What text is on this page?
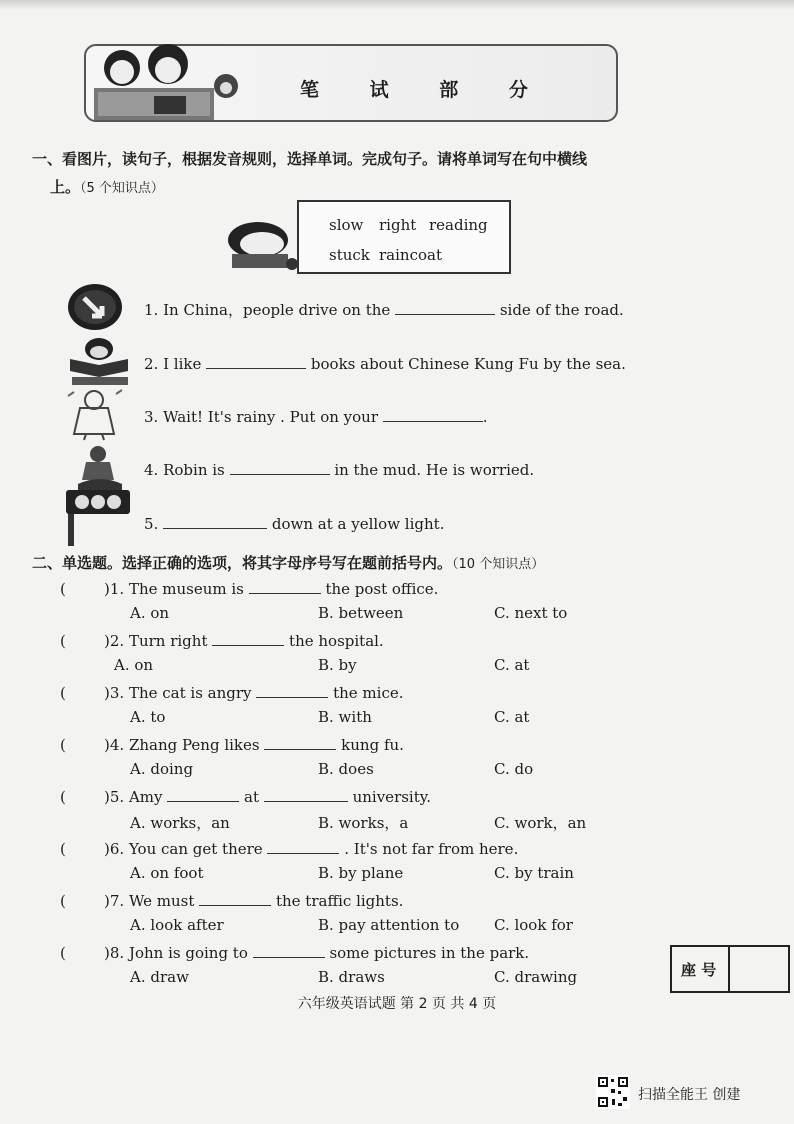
笔 试 部 分
一、看图片，读句子，根据发音规则，选择单词。完成句子。请将单词写在句中横线
上。（5 个知识点）
slow right reading
stuck raincoat
1. In China，people drive on the	side of the road.
2. I like	books about Chinese Kung Fu by the sea.
3. Wait! It's rainy . Put on your	.
4. Robin is	in the mud. He is worried.
5.	down at a yellow light.
二、单选题。选择正确的选项，将其字母序号写在题前括号内。（10 个知识点）
(	)1. The museum is	the post office.
A. on	B. between	C. next to
(	)2. Turn right	the hospital.
A. on	B. by	C. at
(	)3. The cat is angry	the mice.
A. to	B. with	C. at
(	)4. Zhang Peng likes	kung fu.
A. doing	B. does	C. do
(	)5. Amy	at	university.
A. works，an	B. works，a	C. work，an
(	)6. You can get there	. It's not far from here.
A. on foot	B. by plane	C. by train
(	)7. We must	the traffic lights.
A. look after	B. pay attention to C. look for
(	)8. John is going to	some pictures in the park.
A. draw	B. draws	C. drawing	座 号
六年级英语试题 第 2 页 共 4 页
扫描全能王 创建
